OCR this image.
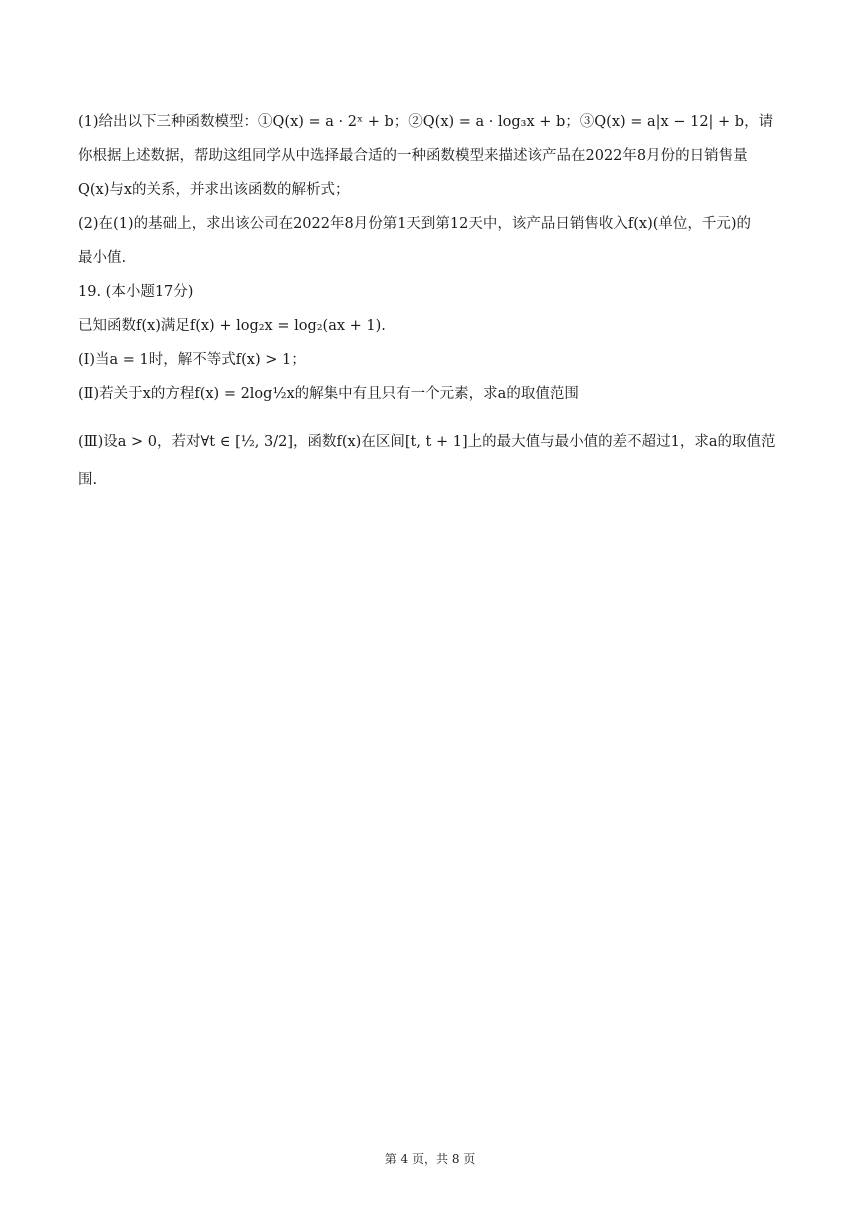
(1)给出以下三种函数模型：①Q(x) = a · 2ˣ + b；②Q(x) = a · log₃x + b；③Q(x) = a|x − 12| + b，请
你根据上述数据，帮助这组同学从中选择最合适的一种函数模型来描述该产品在2022年8月份的日销售量
Q(x)与x的关系，并求出该函数的解析式；
(2)在(1)的基础上，求出该公司在2022年8月份第1天到第12天中，该产品日销售收入f(x)(单位，千元)的
最小值.
19. (本小题17分)
已知函数f(x)满足f(x) + log₂x = log₂(ax + 1).
(Ⅰ)当a = 1时，解不等式f(x) > 1；
(Ⅱ)若关于x的方程f(x) = 2log½x的解集中有且只有一个元素，求a的取值范围
(Ⅲ)设a > 0，若对∀t ∈ [½, 3/2]，函数f(x)在区间[t, t + 1]上的最大值与最小值的差不超过1，求a的取值范
围.
第 4 页，共 8 页
